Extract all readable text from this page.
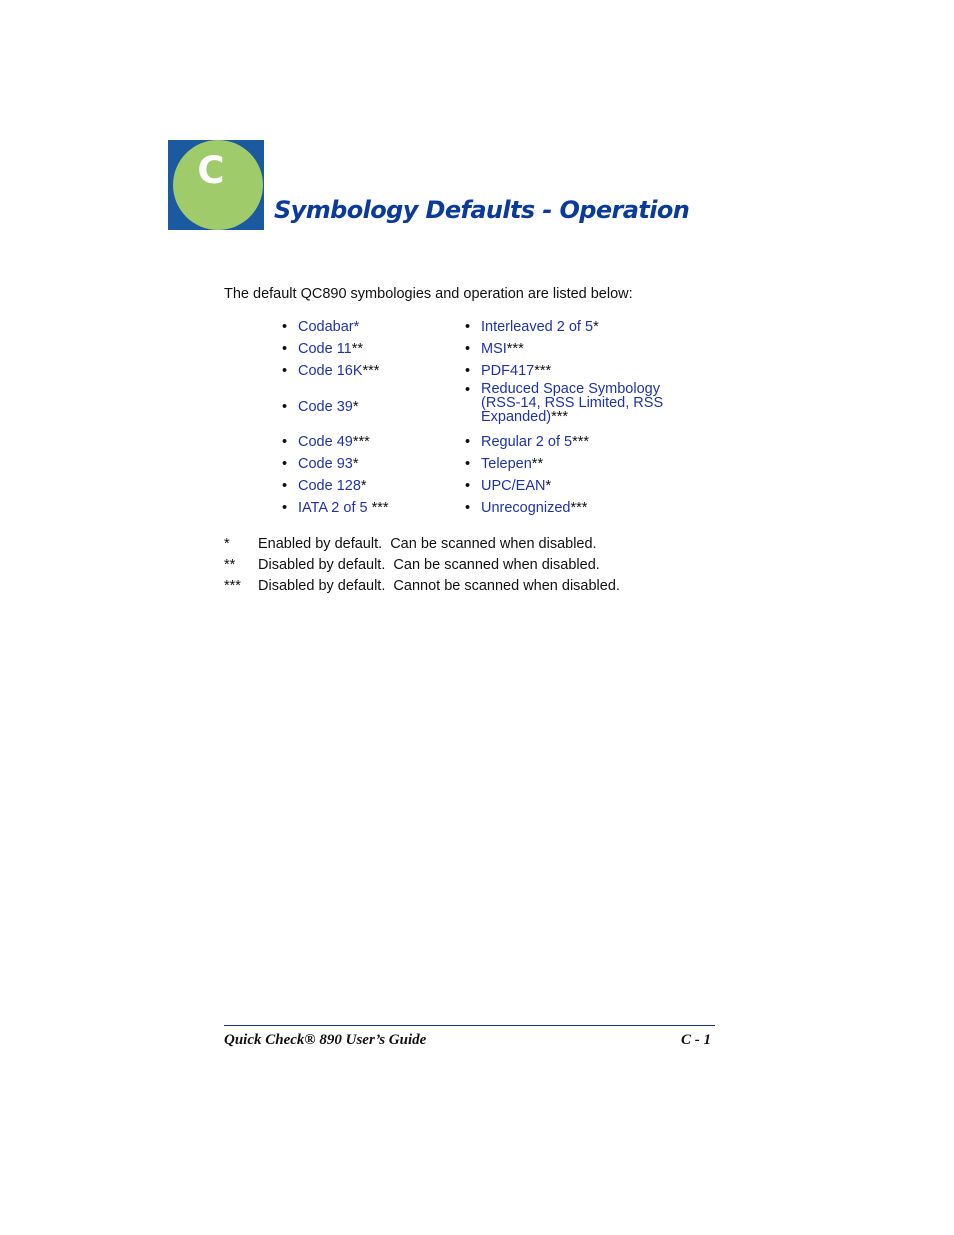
C
Symbology Defaults - Operation
The default QC890 symbologies and operation are listed below:
•	Codabar*	•	Interleaved 2 of 5*
•	Code 11**	•	MSI***
•	Code 16K***	•	PDF417***
•	Code 39*	•	Reduced Space Symbology (RSS-14, RSS Limited, RSS Expanded)***
•	Code 49***	•	Regular 2 of 5***
•	Code 93*	•	Telepen**
•	Code 128*	•	UPC/EAN*
•	IATA 2 of 5 ***	•	Unrecognized***
*	Enabled by default.  Can be scanned when disabled.
**	Disabled by default.  Can be scanned when disabled.
***	Disabled by default.  Cannot be scanned when disabled.
Quick Check® 890 User’s Guide	C - 1
